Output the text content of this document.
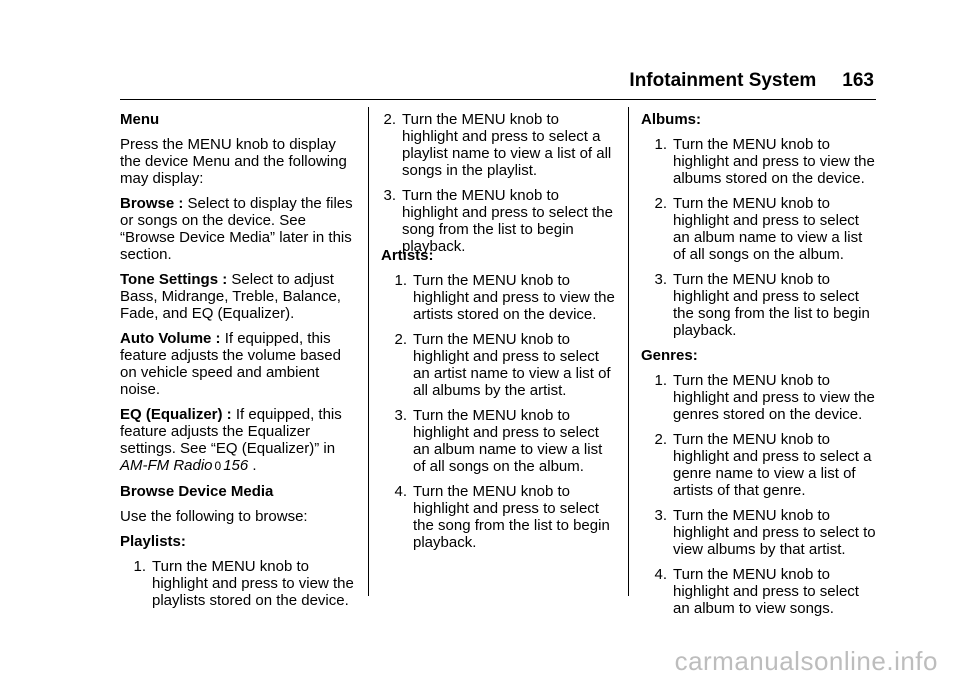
Infotainment System 163

Menu

Press the MENU knob to display the device Menu and the following may display:

Browse : Select to display the files or songs on the device. See “Browse Device Media” later in this section.

Tone Settings : Select to adjust Bass, Midrange, Treble, Balance, Fade, and EQ (Equalizer).

Auto Volume : If equipped, this feature adjusts the volume based on vehicle speed and ambient noise.

EQ (Equalizer) : If equipped, this feature adjusts the Equalizer settings. See “EQ (Equalizer)” in AM-FM Radio 0 156 .

Browse Device Media

Use the following to browse:

Playlists:
1. Turn the MENU knob to highlight and press to view the playlists stored on the device.
2. Turn the MENU knob to highlight and press to select a playlist name to view a list of all songs in the playlist.
3. Turn the MENU knob to highlight and press to select the song from the list to begin playback.
Artists:
1. Turn the MENU knob to highlight and press to view the artists stored on the device.
2. Turn the MENU knob to highlight and press to select an artist name to view a list of all albums by the artist.
3. Turn the MENU knob to highlight and press to select an album name to view a list of all songs on the album.
4. Turn the MENU knob to highlight and press to select the song from the list to begin playback.
Albums:
1. Turn the MENU knob to highlight and press to view the albums stored on the device.
2. Turn the MENU knob to highlight and press to select an album name to view a list of all songs on the album.
3. Turn the MENU knob to highlight and press to select the song from the list to begin playback.
Genres:
1. Turn the MENU knob to highlight and press to view the genres stored on the device.
2. Turn the MENU knob to highlight and press to select a genre name to view a list of artists of that genre.
3. Turn the MENU knob to highlight and press to select to view albums by that artist.
4. Turn the MENU knob to highlight and press to select an album to view songs.
carmanualsonline.info
